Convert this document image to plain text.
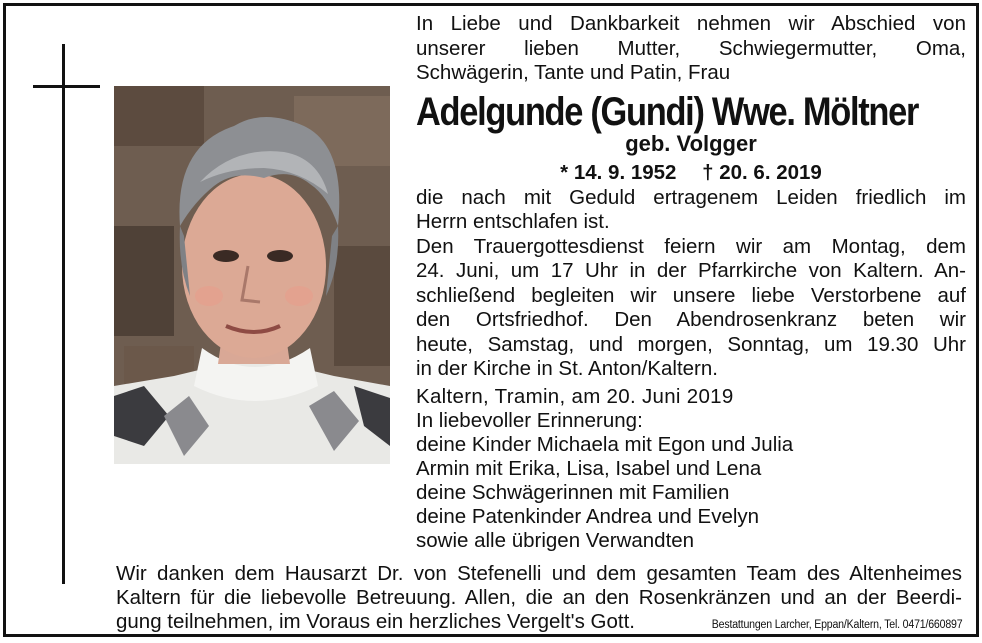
In Liebe und Dankbarkeit nehmen wir Abschied von
unserer lieben Mutter, Schwiegermutter, Oma,
Schwägerin, Tante und Patin, Frau
Adelgunde (Gundi) Wwe. Möltner
geb. Volgger
* 14. 9. 1952 † 20. 6. 2019
die nach mit Geduld ertragenem Leiden friedlich im
Herrn entschlafen ist.
Den Trauergottesdienst feiern wir am Montag, dem
24. Juni, um 17 Uhr in der Pfarrkirche von Kaltern. An-
schließend begleiten wir unsere liebe Verstorbene auf
den Ortsfriedhof. Den Abendrosenkranz beten wir
heute, Samstag, und morgen, Sonntag, um 19.30 Uhr
in der Kirche in St. Anton/Kaltern.
Kaltern, Tramin, am 20. Juni 2019
In liebevoller Erinnerung:
deine Kinder Michaela mit Egon und Julia
Armin mit Erika, Lisa, Isabel und Lena
deine Schwägerinnen mit Familien
deine Patenkinder Andrea und Evelyn
sowie alle übrigen Verwandten
Wir danken dem Hausarzt Dr. von Stefenelli und dem gesamten Team des Altenheimes
Kaltern für die liebevolle Betreuung. Allen, die an den Rosenkränzen und an der Beerdi-
gung teilnehmen, im Voraus ein herzliches Vergelt's Gott.	Bestattungen Larcher, Eppan/Kaltern, Tel. 0471/660897
